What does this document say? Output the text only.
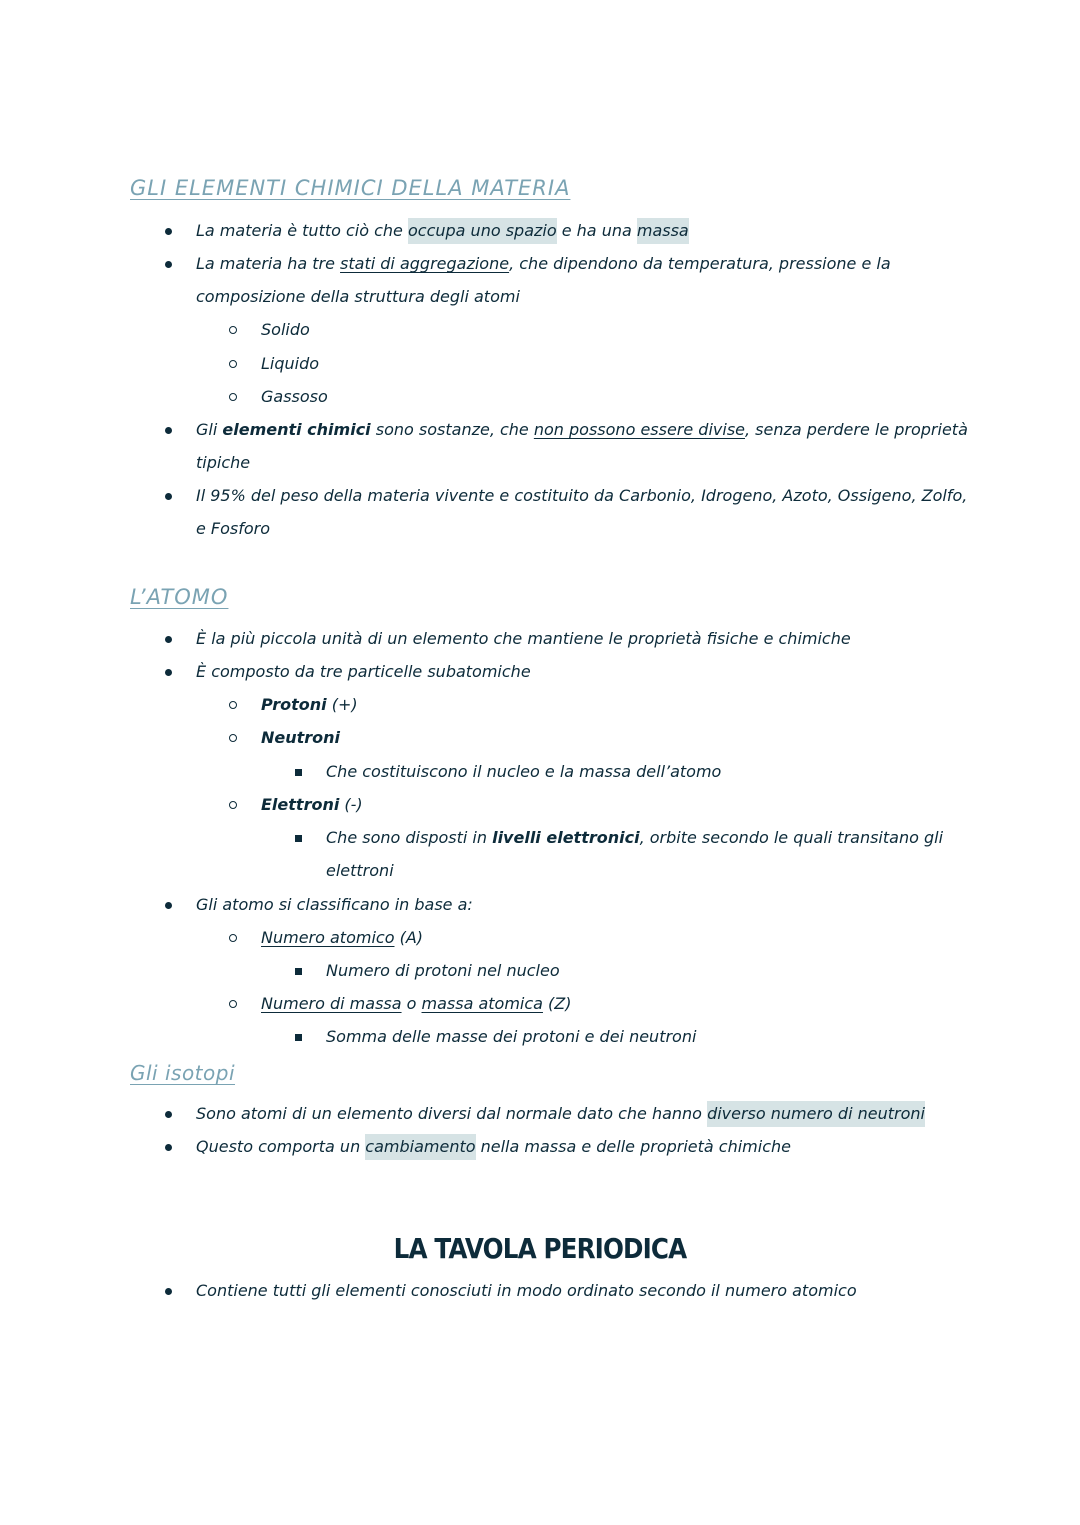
GLI ELEMENTI CHIMICI DELLA MATERIA
La materia è tutto ciò che occupa uno spazio e ha una massa
La materia ha tre stati di aggregazione, che dipendono da temperatura, pressione e la
composizione della struttura degli atomi
Solido
Liquido
Gassoso
Gli elementi chimici sono sostanze, che non possono essere divise, senza perdere le proprietà
tipiche
Il 95% del peso della materia vivente e costituito da Carbonio, Idrogeno, Azoto, Ossigeno, Zolfo,
e Fosforo
L’ATOMO
È la più piccola unità di un elemento che mantiene le proprietà fisiche e chimiche
È composto da tre particelle subatomiche
Protoni (+)
Neutroni
Che costituiscono il nucleo e la massa dell’atomo
Elettroni (-)
Che sono disposti in livelli elettronici, orbite secondo le quali transitano gli
elettroni
Gli atomo si classificano in base a:
Numero atomico (A)
Numero di protoni nel nucleo
Numero di massa o massa atomica (Z)
Somma delle masse dei protoni e dei neutroni
Gli isotopi
Sono atomi di un elemento diversi dal normale dato che hanno diverso numero di neutroni
Questo comporta un cambiamento nella massa e delle proprietà chimiche
LA TAVOLA PERIODICA
Contiene tutti gli elementi conosciuti in modo ordinato secondo il numero atomico
